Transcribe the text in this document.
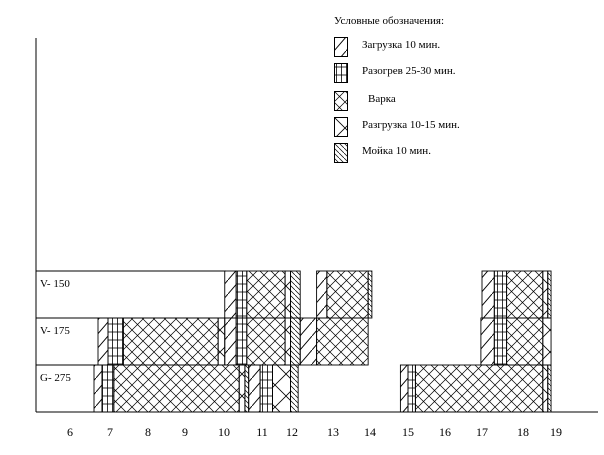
V- 150
V- 175
G- 275
6	7	8	9	10 11 12 13 14 15 16 17 18 19
Условные обозначения:
Загрузка 10 мин.
Разогрев 25-30 мин.
Варка
Разгрузка 10-15 мин.
Мойка 10 мин.
